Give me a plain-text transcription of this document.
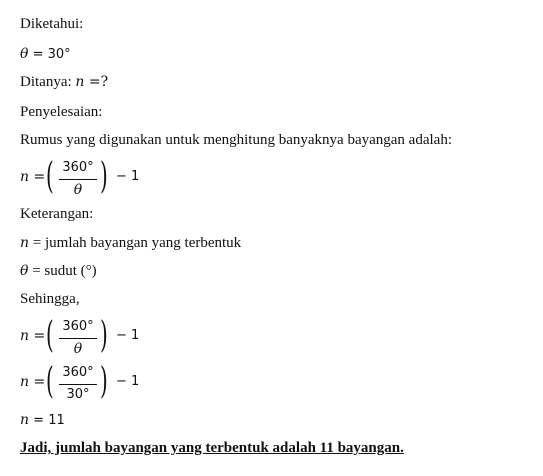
Diketahui:
θ = 30°
Ditanya: n =?
Penyelesaian:
Rumus yang digunakan untuk menghitung banyaknya bayangan adalah:
n = ( 360°
θ ) − 1
Keterangan:
n = jumlah bayangan yang terbentuk
θ = sudut (°)
Sehingga,
n = ( 360°
θ ) − 1
n = ( 360°
30° ) − 1
n = 11
Jadi, jumlah bayangan yang terbentuk adalah 11 bayangan.
